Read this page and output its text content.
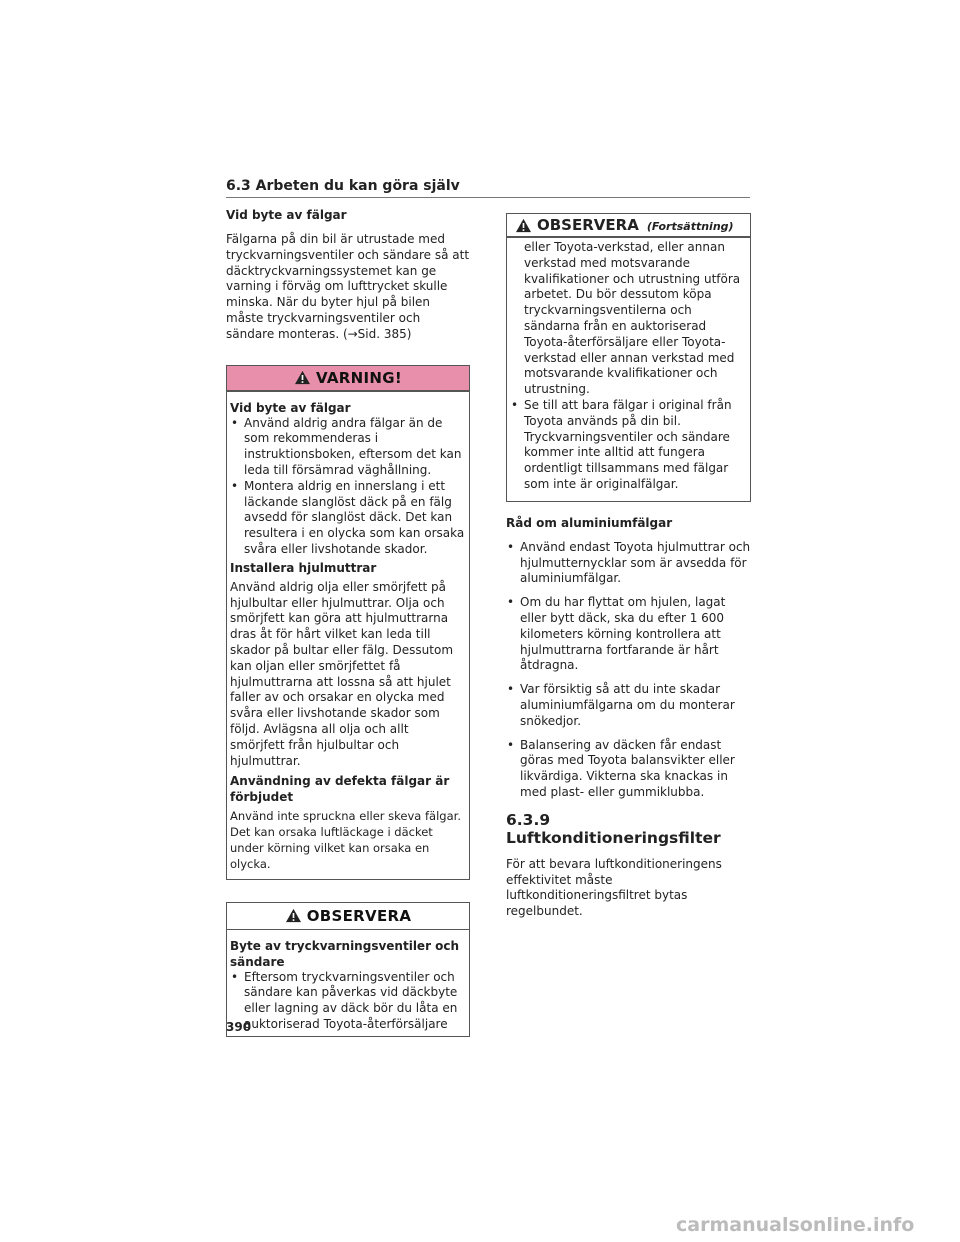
6.3 Arbeten du kan göra själv
Vid byte av fälgar

Fälgarna på din bil är utrustade med tryckvarningsventiler och sändare så att däcktryckvarningssystemet kan ge varning i förväg om lufttrycket skulle minska. När du byter hjul på bilen måste tryckvarningsventiler och sändare monteras. (→Sid. 385)

VARNING!
Vid byte av fälgar
• Använd aldrig andra fälgar än de som rekommenderas i instruktionsboken, eftersom det kan leda till försämrad väghållning.
• Montera aldrig en innerslang i ett läckande slanglöst däck på en fälg avsedd för slanglöst däck. Det kan resultera i en olycka som kan orsaka svåra eller livshotande skador.
Installera hjulmuttrar

Använd aldrig olja eller smörjfett på hjulbultar eller hjulmuttrar. Olja och smörjfett kan göra att hjulmuttrarna dras åt för hårt vilket kan leda till skador på bultar eller fälg. Dessutom kan oljan eller smörjfettet få hjulmuttrarna att lossna så att hjulet faller av och orsakar en olycka med svåra eller livshotande skador som följd. Avlägsna all olja och allt smörjfett från hjulbultar och hjulmuttrar.

Användning av defekta fälgar är förbjudet

Använd inte spruckna eller skeva fälgar. Det kan orsaka luftläckage i däcket under körning vilket kan orsaka en olycka.

OBSERVERA
Byte av tryckvarningsventiler och sändare
• Eftersom tryckvarningsventiler och sändare kan påverkas vid däckbyte eller lagning av däck bör du låta en auktoriserad Toyota-återförsäljare
390
OBSERVERA (Fortsättning)

eller Toyota-verkstad, eller annan verkstad med motsvarande kvalifikationer och utrustning utföra arbetet. Du bör dessutom köpa tryckvarningsventilerna och sändarna från en auktoriserad Toyota-återförsäljare eller Toyota-verkstad eller annan verkstad med motsvarande kvalifikationer och utrustning.

• Se till att bara fälgar i original från Toyota används på din bil. Tryckvarningsventiler och sändare kommer inte alltid att fungera ordentligt tillsammans med fälgar som inte är originalfälgar.
Råd om aluminiumfälgar
• Använd endast Toyota hjulmuttrar och hjulmutternycklar som är avsedda för aluminiumfälgar.
• Om du har flyttat om hjulen, lagat eller bytt däck, ska du efter 1 600 kilometers körning kontrollera att hjulmuttrarna fortfarande är hårt åtdragna.
• Var försiktig så att du inte skadar aluminiumfälgarna om du monterar snökedjor.
• Balansering av däcken får endast göras med Toyota balansvikter eller likvärdiga. Vikterna ska knackas in med plast- eller gummiklubba.
6.3.9 Luftkonditioneringsfilter

För att bevara luftkonditioneringens effektivitet måste luftkonditioneringsfiltret bytas regelbundet.

carmanualsonline.info
